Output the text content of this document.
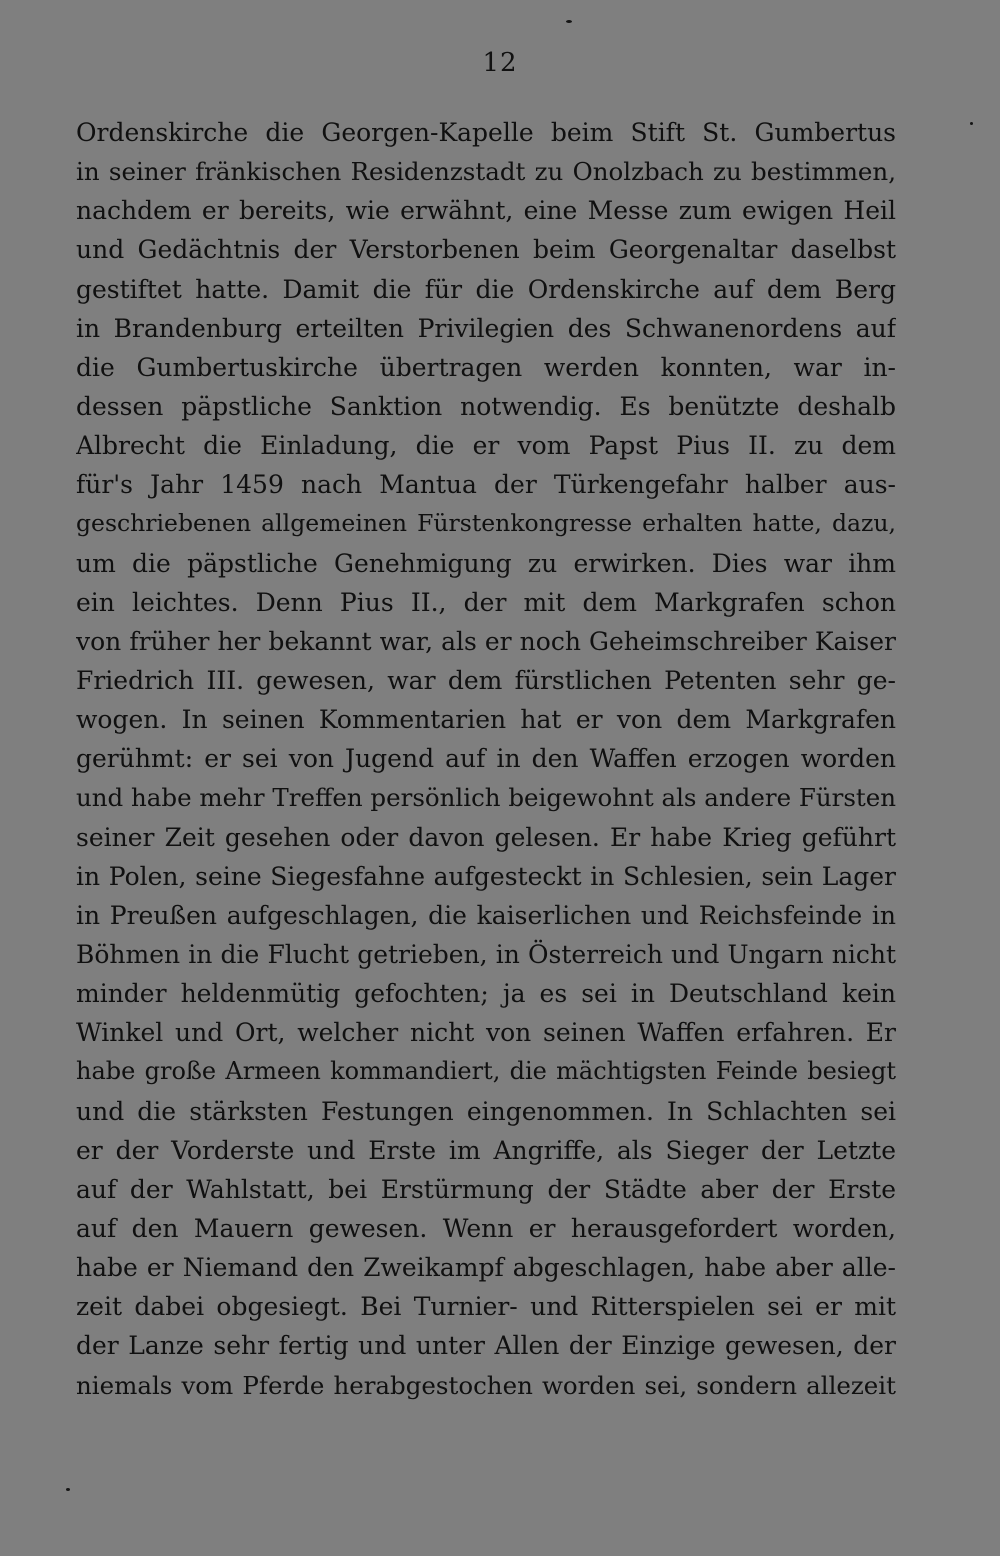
12
Ordenskirche die Georgen-Kapelle beim Stift St. Gumbertus
in seiner fränkischen Residenzstadt zu Onolzbach zu bestimmen,
nachdem er bereits, wie erwähnt, eine Messe zum ewigen Heil
und Gedächtnis der Verstorbenen beim Georgenaltar daselbst
gestiftet hatte. Damit die für die Ordenskirche auf dem Berg
in Brandenburg erteilten Privilegien des Schwanenordens auf
die Gumbertuskirche übertragen werden konnten, war in-
dessen päpstliche Sanktion notwendig. Es benützte deshalb
Albrecht die Einladung, die er vom Papst Pius II. zu dem
für's Jahr 1459 nach Mantua der Türkengefahr halber aus-
geschriebenen allgemeinen Fürstenkongresse erhalten hatte, dazu,
um die päpstliche Genehmigung zu erwirken. Dies war ihm
ein leichtes. Denn Pius II., der mit dem Markgrafen schon
von früher her bekannt war, als er noch Geheimschreiber Kaiser
Friedrich III. gewesen, war dem fürstlichen Petenten sehr ge-
wogen. In seinen Kommentarien hat er von dem Markgrafen
gerühmt: er sei von Jugend auf in den Waffen erzogen worden
und habe mehr Treffen persönlich beigewohnt als andere Fürsten
seiner Zeit gesehen oder davon gelesen. Er habe Krieg geführt
in Polen, seine Siegesfahne aufgesteckt in Schlesien, sein Lager
in Preußen aufgeschlagen, die kaiserlichen und Reichsfeinde in
Böhmen in die Flucht getrieben, in Österreich und Ungarn nicht
minder heldenmütig gefochten; ja es sei in Deutschland kein
Winkel und Ort, welcher nicht von seinen Waffen erfahren. Er
habe große Armeen kommandiert, die mächtigsten Feinde besiegt
und die stärksten Festungen eingenommen. In Schlachten sei
er der Vorderste und Erste im Angriffe, als Sieger der Letzte
auf der Wahlstatt, bei Erstürmung der Städte aber der Erste
auf den Mauern gewesen. Wenn er herausgefordert worden,
habe er Niemand den Zweikampf abgeschlagen, habe aber alle-
zeit dabei obgesiegt. Bei Turnier- und Ritterspielen sei er mit
der Lanze sehr fertig und unter Allen der Einzige gewesen, der
niemals vom Pferde herabgestochen worden sei, sondern allezeit
